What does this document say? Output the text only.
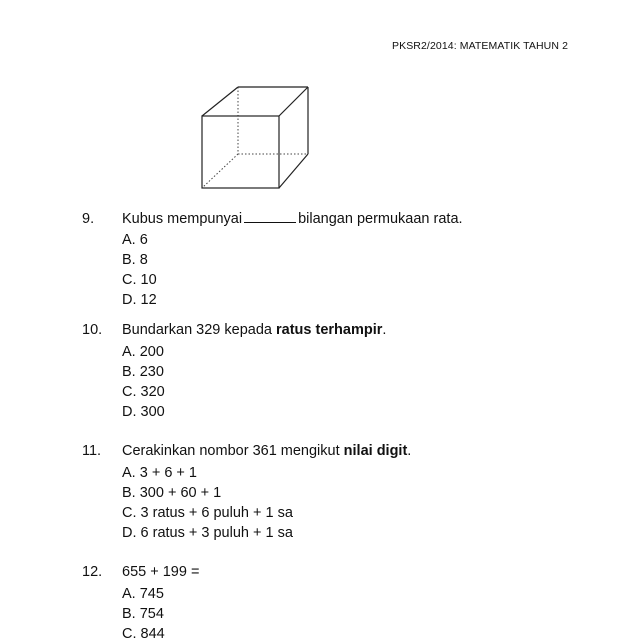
PKSR2/2014: MATEMATIK TAHUN 2
9.	Kubus mempunyai	bilangan permukaan rata.
A. 6
B. 8
C. 10
D. 12
10.	Bundarkan 329 kepada ratus terhampir.
A. 200
B. 230
C. 320
D. 300
11.	Cerakinkan nombor 361 mengikut nilai digit.
A. 3 + 6 + 1
B. 300 + 60 + 1
C. 3 ratus + 6 puluh + 1 sa
D. 6 ratus + 3 puluh + 1 sa
12.	655 + 199 =
A. 745
B. 754
C. 844
